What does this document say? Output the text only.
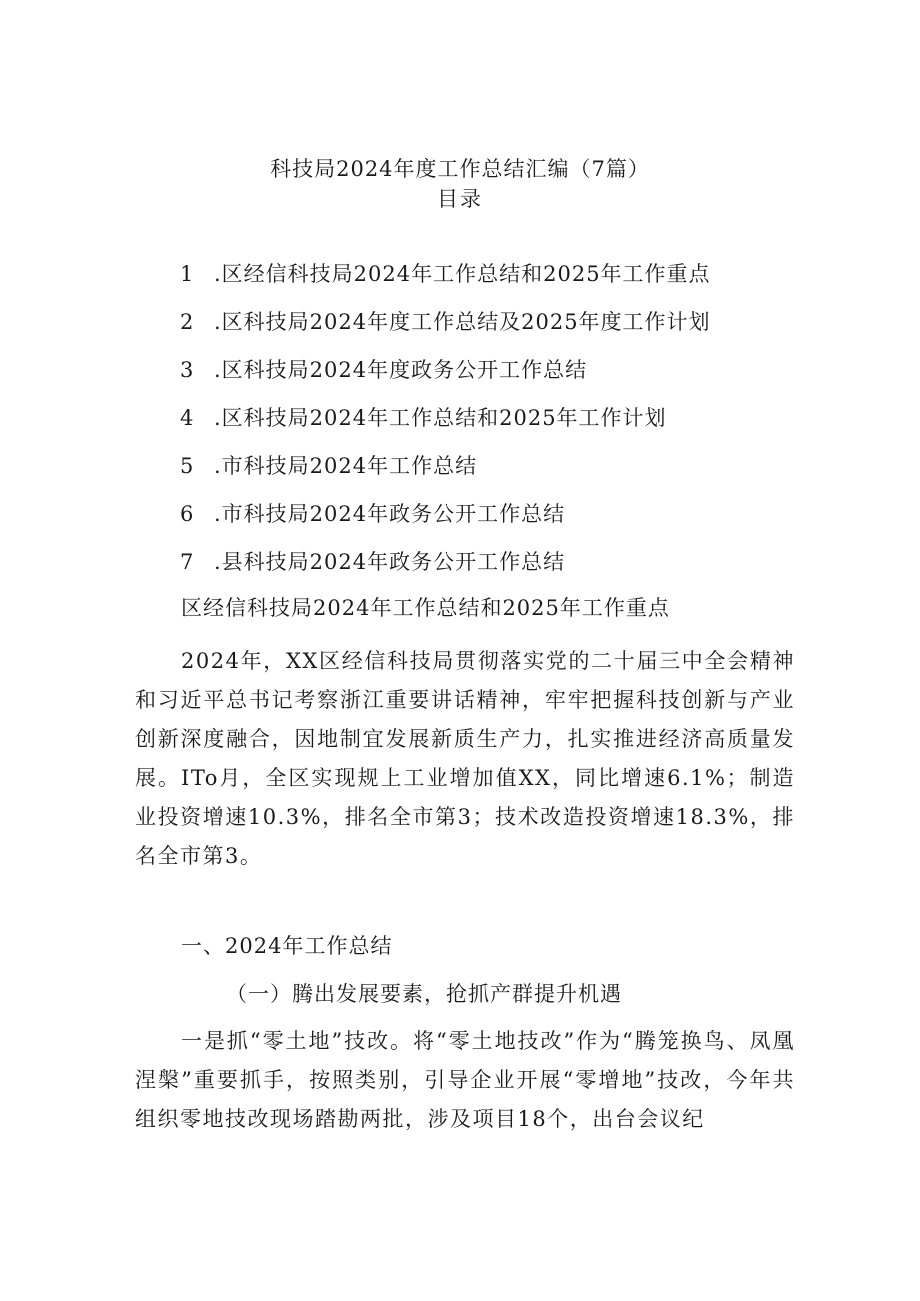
科技局2024年度工作总结汇编（7篇）
目录
1 .区经信科技局2024年工作总结和2025年工作重点
2 .区科技局2024年度工作总结及2025年度工作计划
3 .区科技局2024年度政务公开工作总结
4 .区科技局2024年工作总结和2025年工作计划
5 .市科技局2024年工作总结
6 .市科技局2024年政务公开工作总结
7 .县科技局2024年政务公开工作总结
区经信科技局2024年工作总结和2025年工作重点
2024年，XX区经信科技局贯彻落实党的二十届三中全会精神和习近平总书记考察浙江重要讲话精神，牢牢把握科技创新与产业创新深度融合，因地制宜发展新质生产力，扎实推进经济高质量发展。ITo月，全区实现规上工业增加值XX，同比增速6.1%；制造业投资增速10.3%，排名全市第3；技术改造投资增速18.3%，排名全市第3。
一、2024年工作总结
（一）腾出发展要素，抢抓产群提升机遇
一是抓“零土地”技改。将“零土地技改”作为“腾笼换鸟、凤凰涅槃”重要抓手，按照类别，引导企业开展“零增地”技改，今年共组织零地技改现场踏勘两批，涉及项目18个，出台会议纪
